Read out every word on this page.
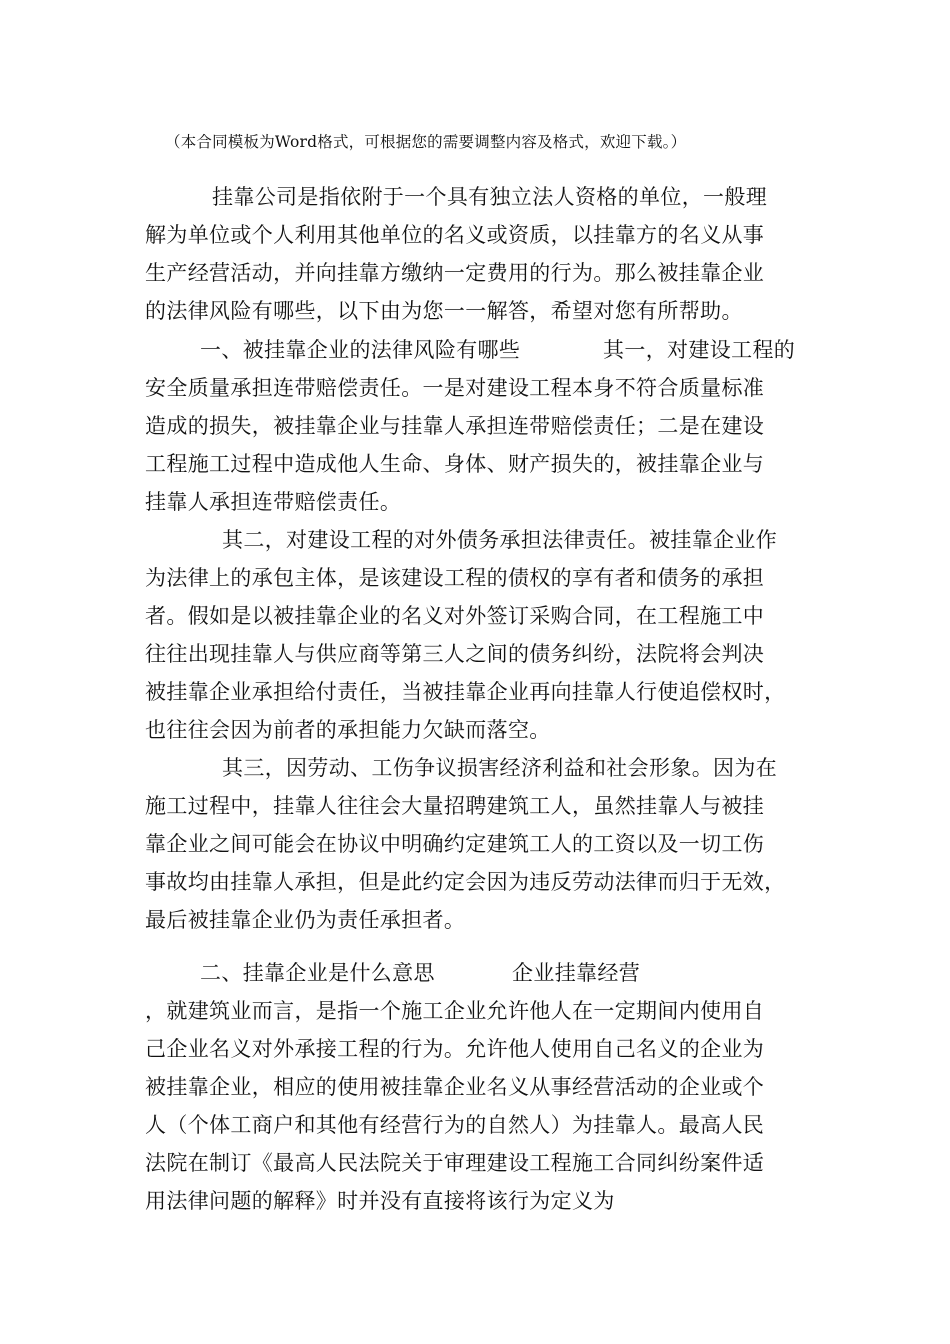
（本合同模板为Word格式，可根据您的需要调整内容及格式，欢迎下载。）
挂靠公司是指依附于一个具有独立法人资格的单位，一般理
解为单位或个人利用其他单位的名义或资质，以挂靠方的名义从事
生产经营活动，并向挂靠方缴纳一定费用的行为。那么被挂靠企业
的法律风险有哪些，以下由为您一一解答，希望对您有所帮助。
一、被挂靠企业的法律风险有哪些	其一，对建设工程的
安全质量承担连带赔偿责任。一是对建设工程本身不符合质量标准
造成的损失，被挂靠企业与挂靠人承担连带赔偿责任；二是在建设
工程施工过程中造成他人生命、身体、财产损失的，被挂靠企业与
挂靠人承担连带赔偿责任。
其二，对建设工程的对外债务承担法律责任。被挂靠企业作
为法律上的承包主体，是该建设工程的债权的享有者和债务的承担
者。假如是以被挂靠企业的名义对外签订采购合同，在工程施工中
往往出现挂靠人与供应商等第三人之间的债务纠纷，法院将会判决
被挂靠企业承担给付责任，当被挂靠企业再向挂靠人行使追偿权时，
也往往会因为前者的承担能力欠缺而落空。
其三，因劳动、工伤争议损害经济利益和社会形象。因为在
施工过程中，挂靠人往往会大量招聘建筑工人，虽然挂靠人与被挂
靠企业之间可能会在协议中明确约定建筑工人的工资以及一切工伤
事故均由挂靠人承担，但是此约定会因为违反劳动法律而归于无效，
最后被挂靠企业仍为责任承担者。
二、挂靠企业是什么意思	企业挂靠经营
，就建筑业而言，是指一个施工企业允许他人在一定期间内使用自
己企业名义对外承接工程的行为。允许他人使用自己名义的企业为
被挂靠企业，相应的使用被挂靠企业名义从事经营活动的企业或个
人（个体工商户和其他有经营行为的自然人）为挂靠人。最高人民
法院在制订《最高人民法院关于审理建设工程施工合同纠纷案件适
用法律问题的解释》时并没有直接将该行为定义为
